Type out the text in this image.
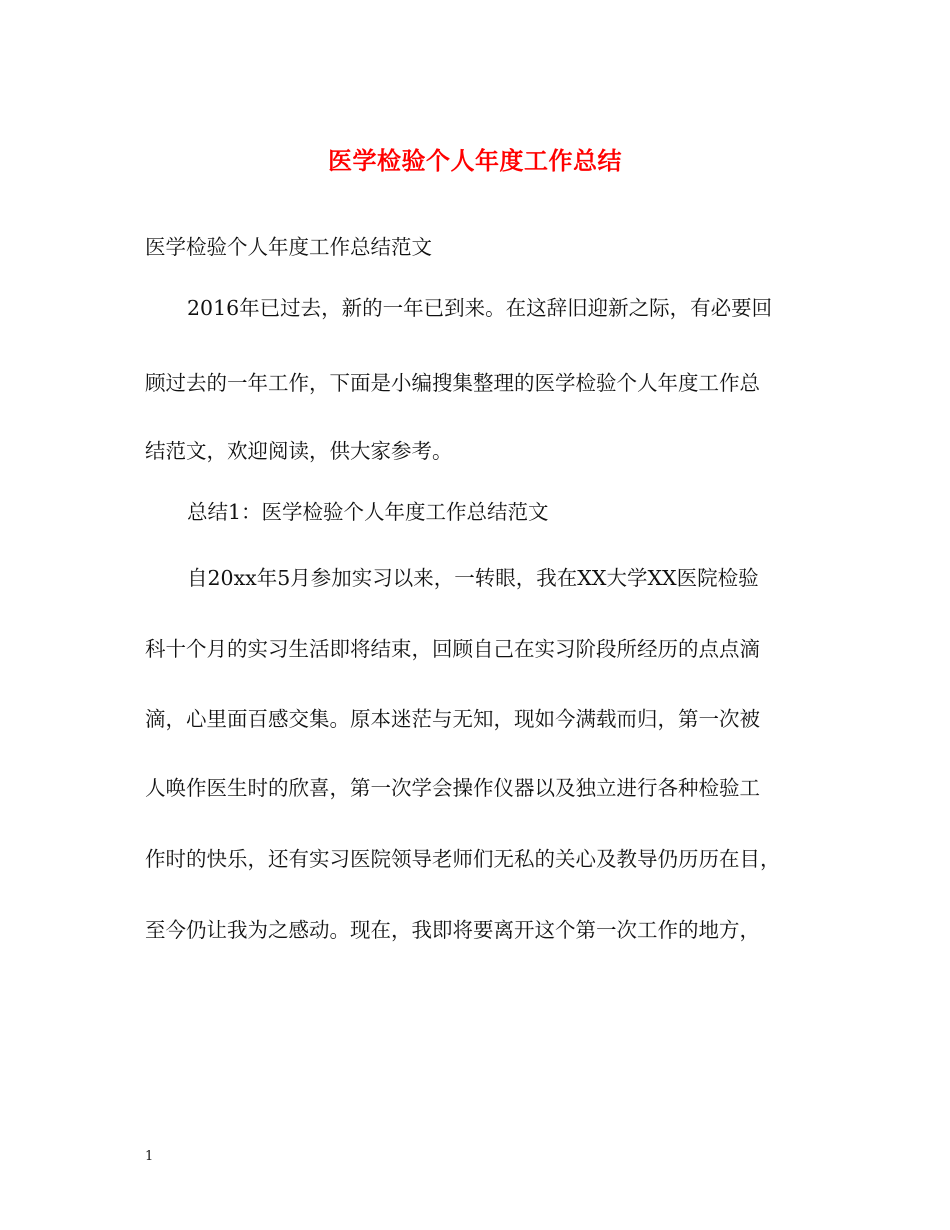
医学检验个人年度工作总结
医学检验个人年度工作总结范文
2016年已过去，新的一年已到来。在这辞旧迎新之际，有必要回
顾过去的一年工作，下面是小编搜集整理的医学检验个人年度工作总
结范文，欢迎阅读，供大家参考。
总结1：医学检验个人年度工作总结范文
自20xx年5月参加实习以来，一转眼，我在XX大学XX医院检验
科十个月的实习生活即将结束，回顾自己在实习阶段所经历的点点滴
滴，心里面百感交集。原本迷茫与无知，现如今满载而归，第一次被
人唤作医生时的欣喜，第一次学会操作仪器以及独立进行各种检验工
作时的快乐，还有实习医院领导老师们无私的关心及教导仍历历在目，
至今仍让我为之感动。现在，我即将要离开这个第一次工作的地方，
1
